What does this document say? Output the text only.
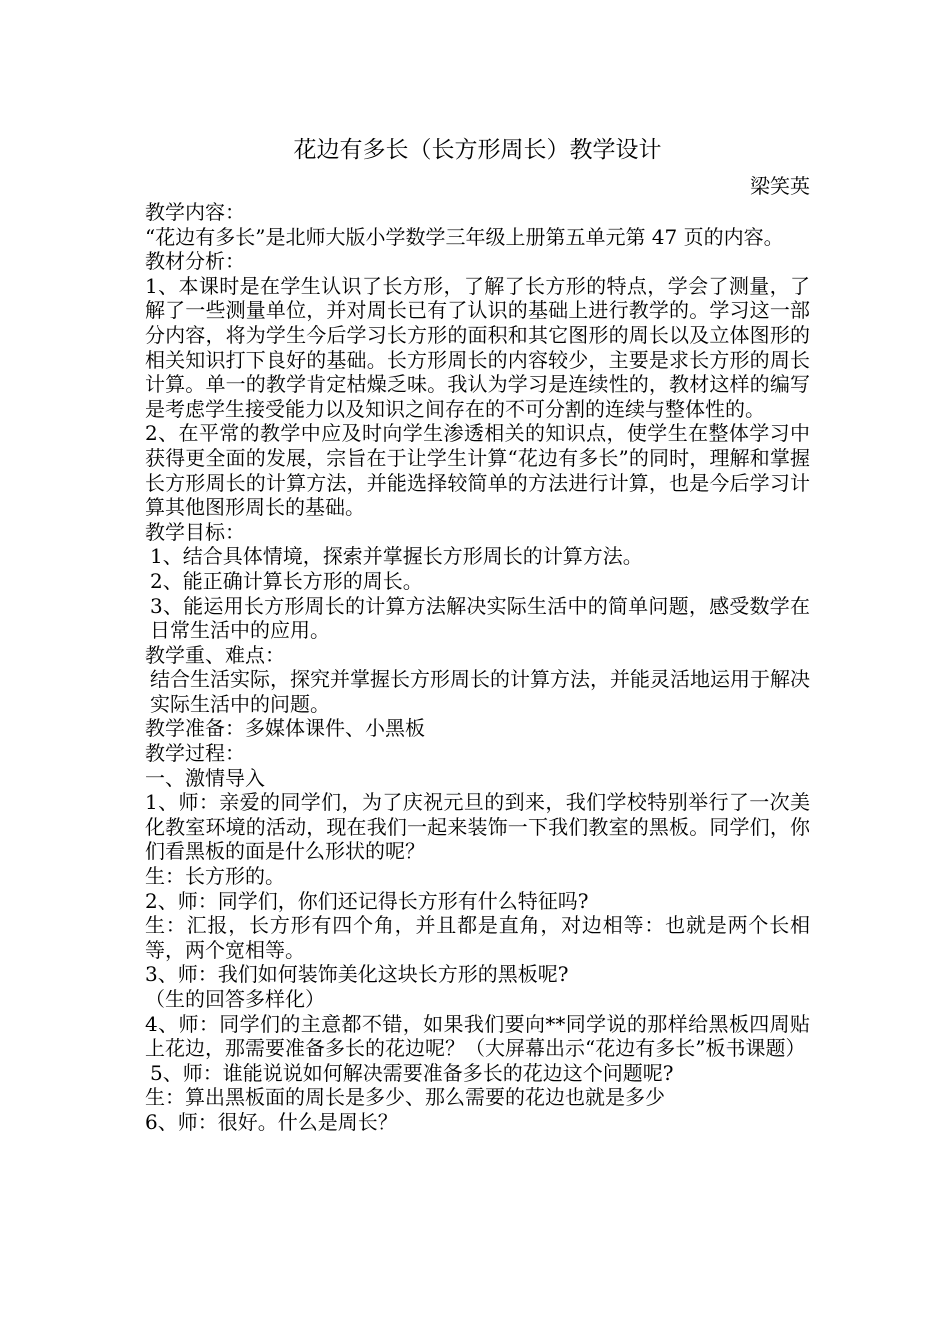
花边有多长（长方形周长）教学设计
梁笑英

教学内容：

“花边有多长”是北师大版小学数学三年级上册第五单元第 47 页的内容。

教材分析：

1、本课时是在学生认识了长方形，了解了长方形的特点，学会了测量，了解了一些测量单位，并对周长已有了认识的基础上进行教学的。学习这一部分内容，将为学生今后学习长方形的面积和其它图形的周长以及立体图形的相关知识打下良好的基础。长方形周长的内容较少，主要是求长方形的周长计算。单一的教学肯定枯燥乏味。我认为学习是连续性的，教材这样的编写是考虑学生接受能力以及知识之间存在的不可分割的连续与整体性的。

2、在平常的教学中应及时向学生渗透相关的知识点，使学生在整体学习中获得更全面的发展，宗旨在于让学生计算“花边有多长”的同时，理解和掌握长方形周长的计算方法，并能选择较简单的方法进行计算，也是今后学习计算其他图形周长的基础。

教学目标：

1、结合具体情境，探索并掌握长方形周长的计算方法。

2、能正确计算长方形的周长。

3、能运用长方形周长的计算方法解决实际生活中的简单问题，感受数学在日常生活中的应用。

教学重、难点：

结合生活实际，探究并掌握长方形周长的计算方法，并能灵活地运用于解决实际生活中的问题。

教学准备：多媒体课件、小黑板

教学过程：

一、激情导入

1、师：亲爱的同学们，为了庆祝元旦的到来，我们学校特别举行了一次美化教室环境的活动，现在我们一起来装饰一下我们教室的黑板。同学们，你们看黑板的面是什么形状的呢？

生：长方形的。

2、师：同学们，你们还记得长方形有什么特征吗?

生：汇报，长方形有四个角，并且都是直角，对边相等：也就是两个长相等，两个宽相等。

3、师：我们如何装饰美化这块长方形的黑板呢?

（生的回答多样化）

4、师：同学们的主意都不错，如果我们要向**同学说的那样给黑板四周贴上花边，那需要准备多长的花边呢？（大屏幕出示“花边有多长”板书课题）

5、师：谁能说说如何解决需要准备多长的花边这个问题呢?

生：算出黑板面的周长是多少、那么需要的花边也就是多少

6、师：很好。什么是周长？
